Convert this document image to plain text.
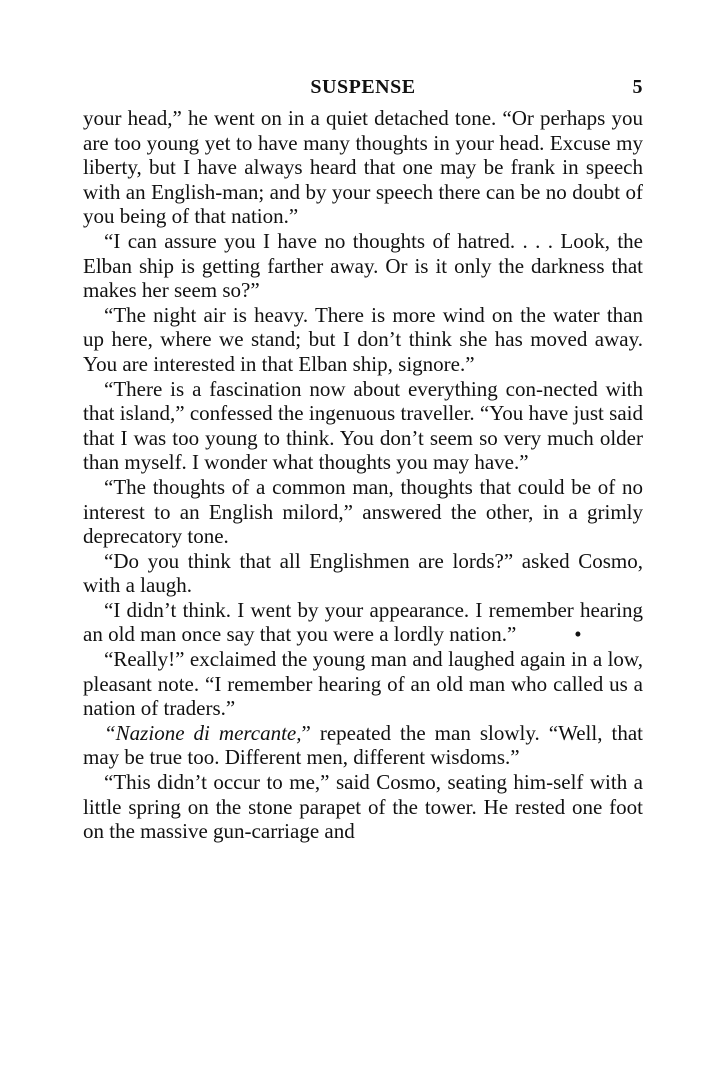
SUSPENSE	5

your head,” he went on in a quiet detached tone. “Or perhaps you are too young yet to have many thoughts in your head. Excuse my liberty, but I have always heard that one may be frank in speech with an English-man; and by your speech there can be no doubt of you being of that nation.”

“I can assure you I have no thoughts of hatred. . . . Look, the Elban ship is getting farther away. Or is it only the darkness that makes her seem so?”

“The night air is heavy. There is more wind on the water than up here, where we stand; but I don’t think she has moved away. You are interested in that Elban ship, signore.”

“There is a fascination now about everything con-nected with that island,” confessed the ingenuous traveller. “You have just said that I was too young to think. You don’t seem so very much older than myself. I wonder what thoughts you may have.”

“The thoughts of a common man, thoughts that could be of no interest to an English milord,” answered the other, in a grimly deprecatory tone.

“Do you think that all Englishmen are lords?” asked Cosmo, with a laugh.

“I didn’t think. I went by your appearance. I remember hearing an old man once say that you were a lordly nation.”	•

“Really!” exclaimed the young man and laughed again in a low, pleasant note. “I remember hearing of an old man who called us a nation of traders.”

“Nazione di mercante,” repeated the man slowly. “Well, that may be true too. Different men, different wisdoms.”

“This didn’t occur to me,” said Cosmo, seating him-self with a little spring on the stone parapet of the tower. He rested one foot on the massive gun-carriage and
